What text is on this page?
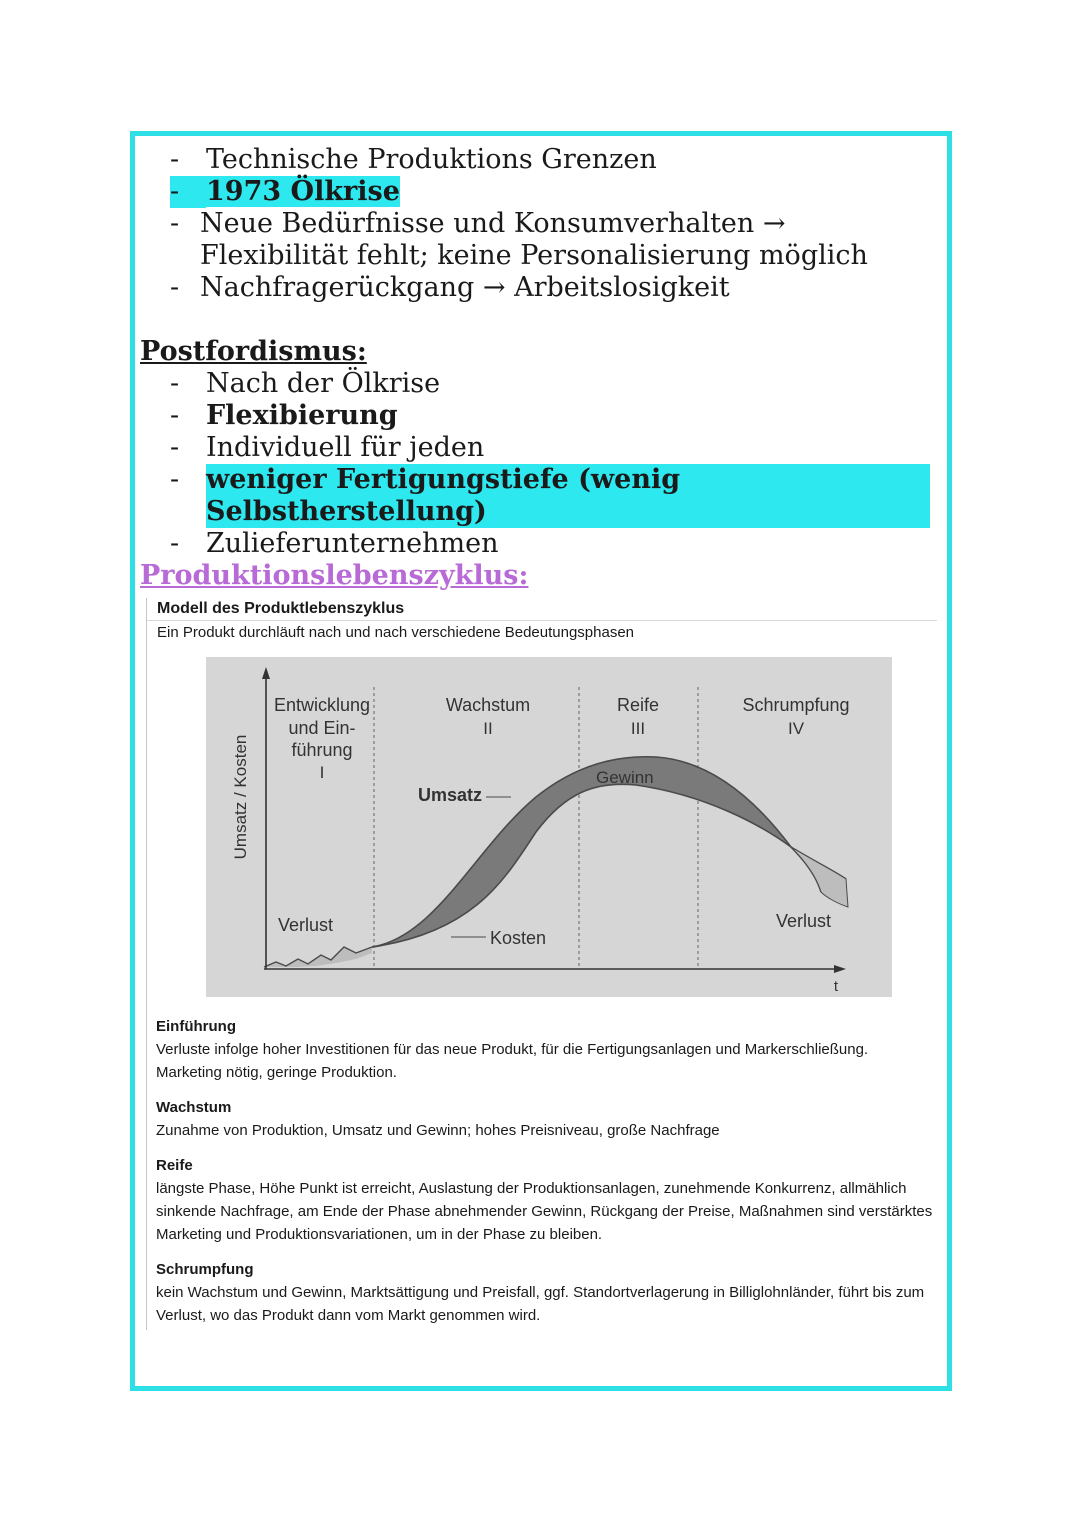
- Technische Produktions Grenzen
- 1973 Ölkrise
- Neue Bedürfnisse und Konsumverhalten → Flexibilität fehlt; keine Personalisierung möglich
- Nachfragerückgang → Arbeitslosigkeit
Postfordismus:
- Nach der Ölkrise
- Flexibierung
- Individuell für jeden
- weniger Fertigungstiefe (wenig Selbstherstellung)
- Zulieferunternehmen
Produktionslebenszyklus:
Modell des Produktlebenszyklus
Ein Produkt durchläuft nach und nach verschiedene Bedeutungsphasen
Umsatz / Kosten
t
Entwicklung
und Ein-
führung
I
Wachstum
II
Reife
III
Schrumpfung
IV
Umsatz
Gewinn
Kosten
Verlust	Verlust
Einführung
Verluste infolge hoher Investitionen für das neue Produkt, für die Fertigungsanlagen und Markerschließung. Marketing nötig, geringe Produktion.
Wachstum
Zunahme von Produktion, Umsatz und Gewinn; hohes Preisniveau, große Nachfrage
Reife
längste Phase, Höhe Punkt ist erreicht, Auslastung der Produktionsanlagen, zunehmende Konkurrenz, allmählich sinkende Nachfrage, am Ende der Phase abnehmender Gewinn, Rückgang der Preise, Maßnahmen sind verstärktes Marketing und Produktionsvariationen, um in der Phase zu bleiben.
Schrumpfung
kein Wachstum und Gewinn, Marktsättigung und Preisfall, ggf. Standortverlagerung in Billiglohnländer, führt bis zum Verlust, wo das Produkt dann vom Markt genommen wird.
